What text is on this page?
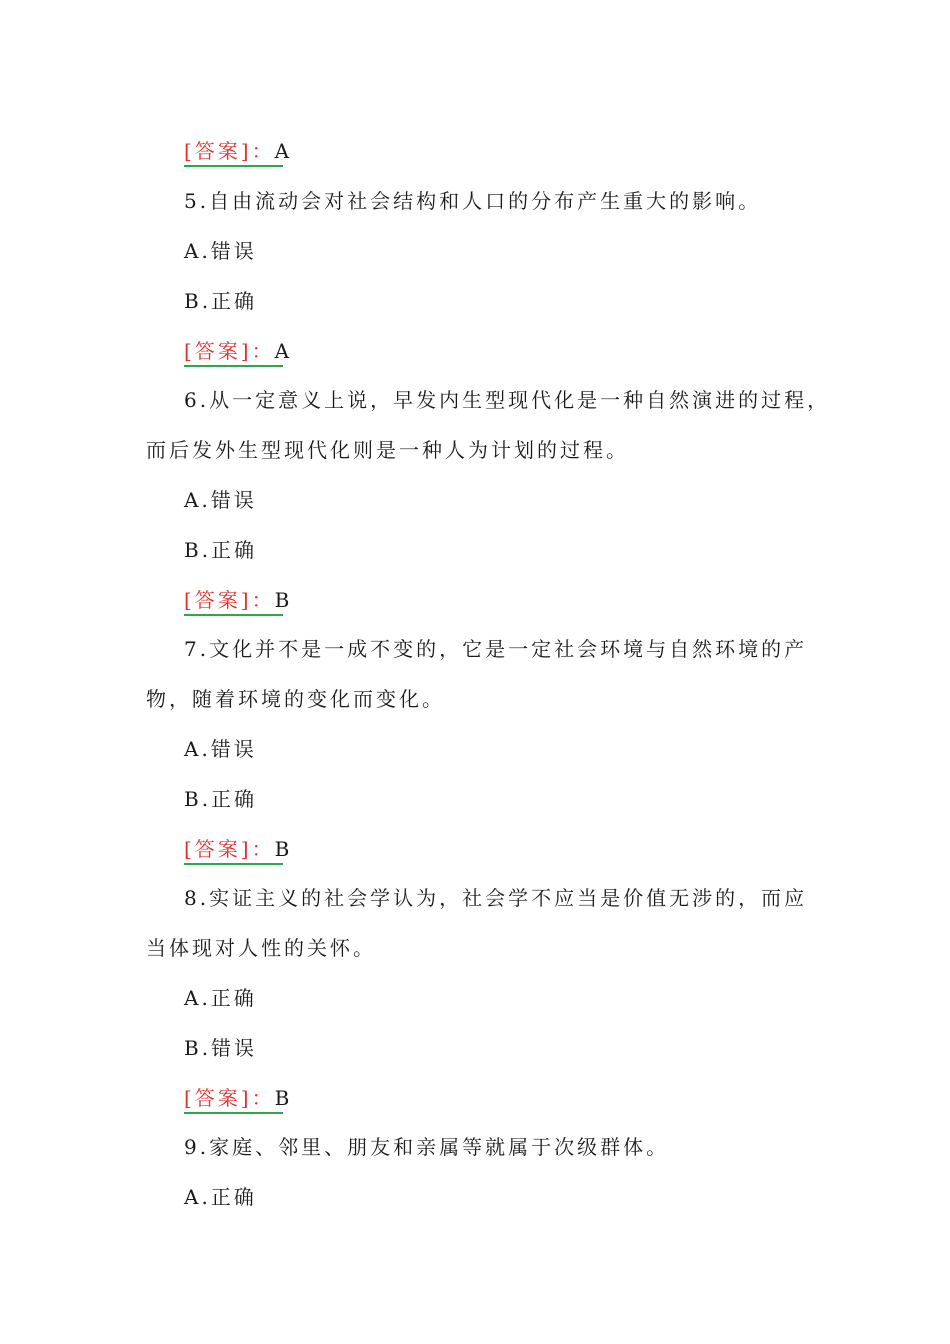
[答案]：A
5.自由流动会对社会结构和人口的分布产生重大的影响。
A.错误
B.正确
[答案]：A
6.从一定意义上说，早发内生型现代化是一种自然演进的过程，
而后发外生型现代化则是一种人为计划的过程。
A.错误
B.正确
[答案]：B
7.文化并不是一成不变的，它是一定社会环境与自然环境的产
物，随着环境的变化而变化。
A.错误
B.正确
[答案]：B
8.实证主义的社会学认为，社会学不应当是价值无涉的，而应
当体现对人性的关怀。
A.正确
B.错误
[答案]：B
9.家庭、邻里、朋友和亲属等就属于次级群体。
A.正确
